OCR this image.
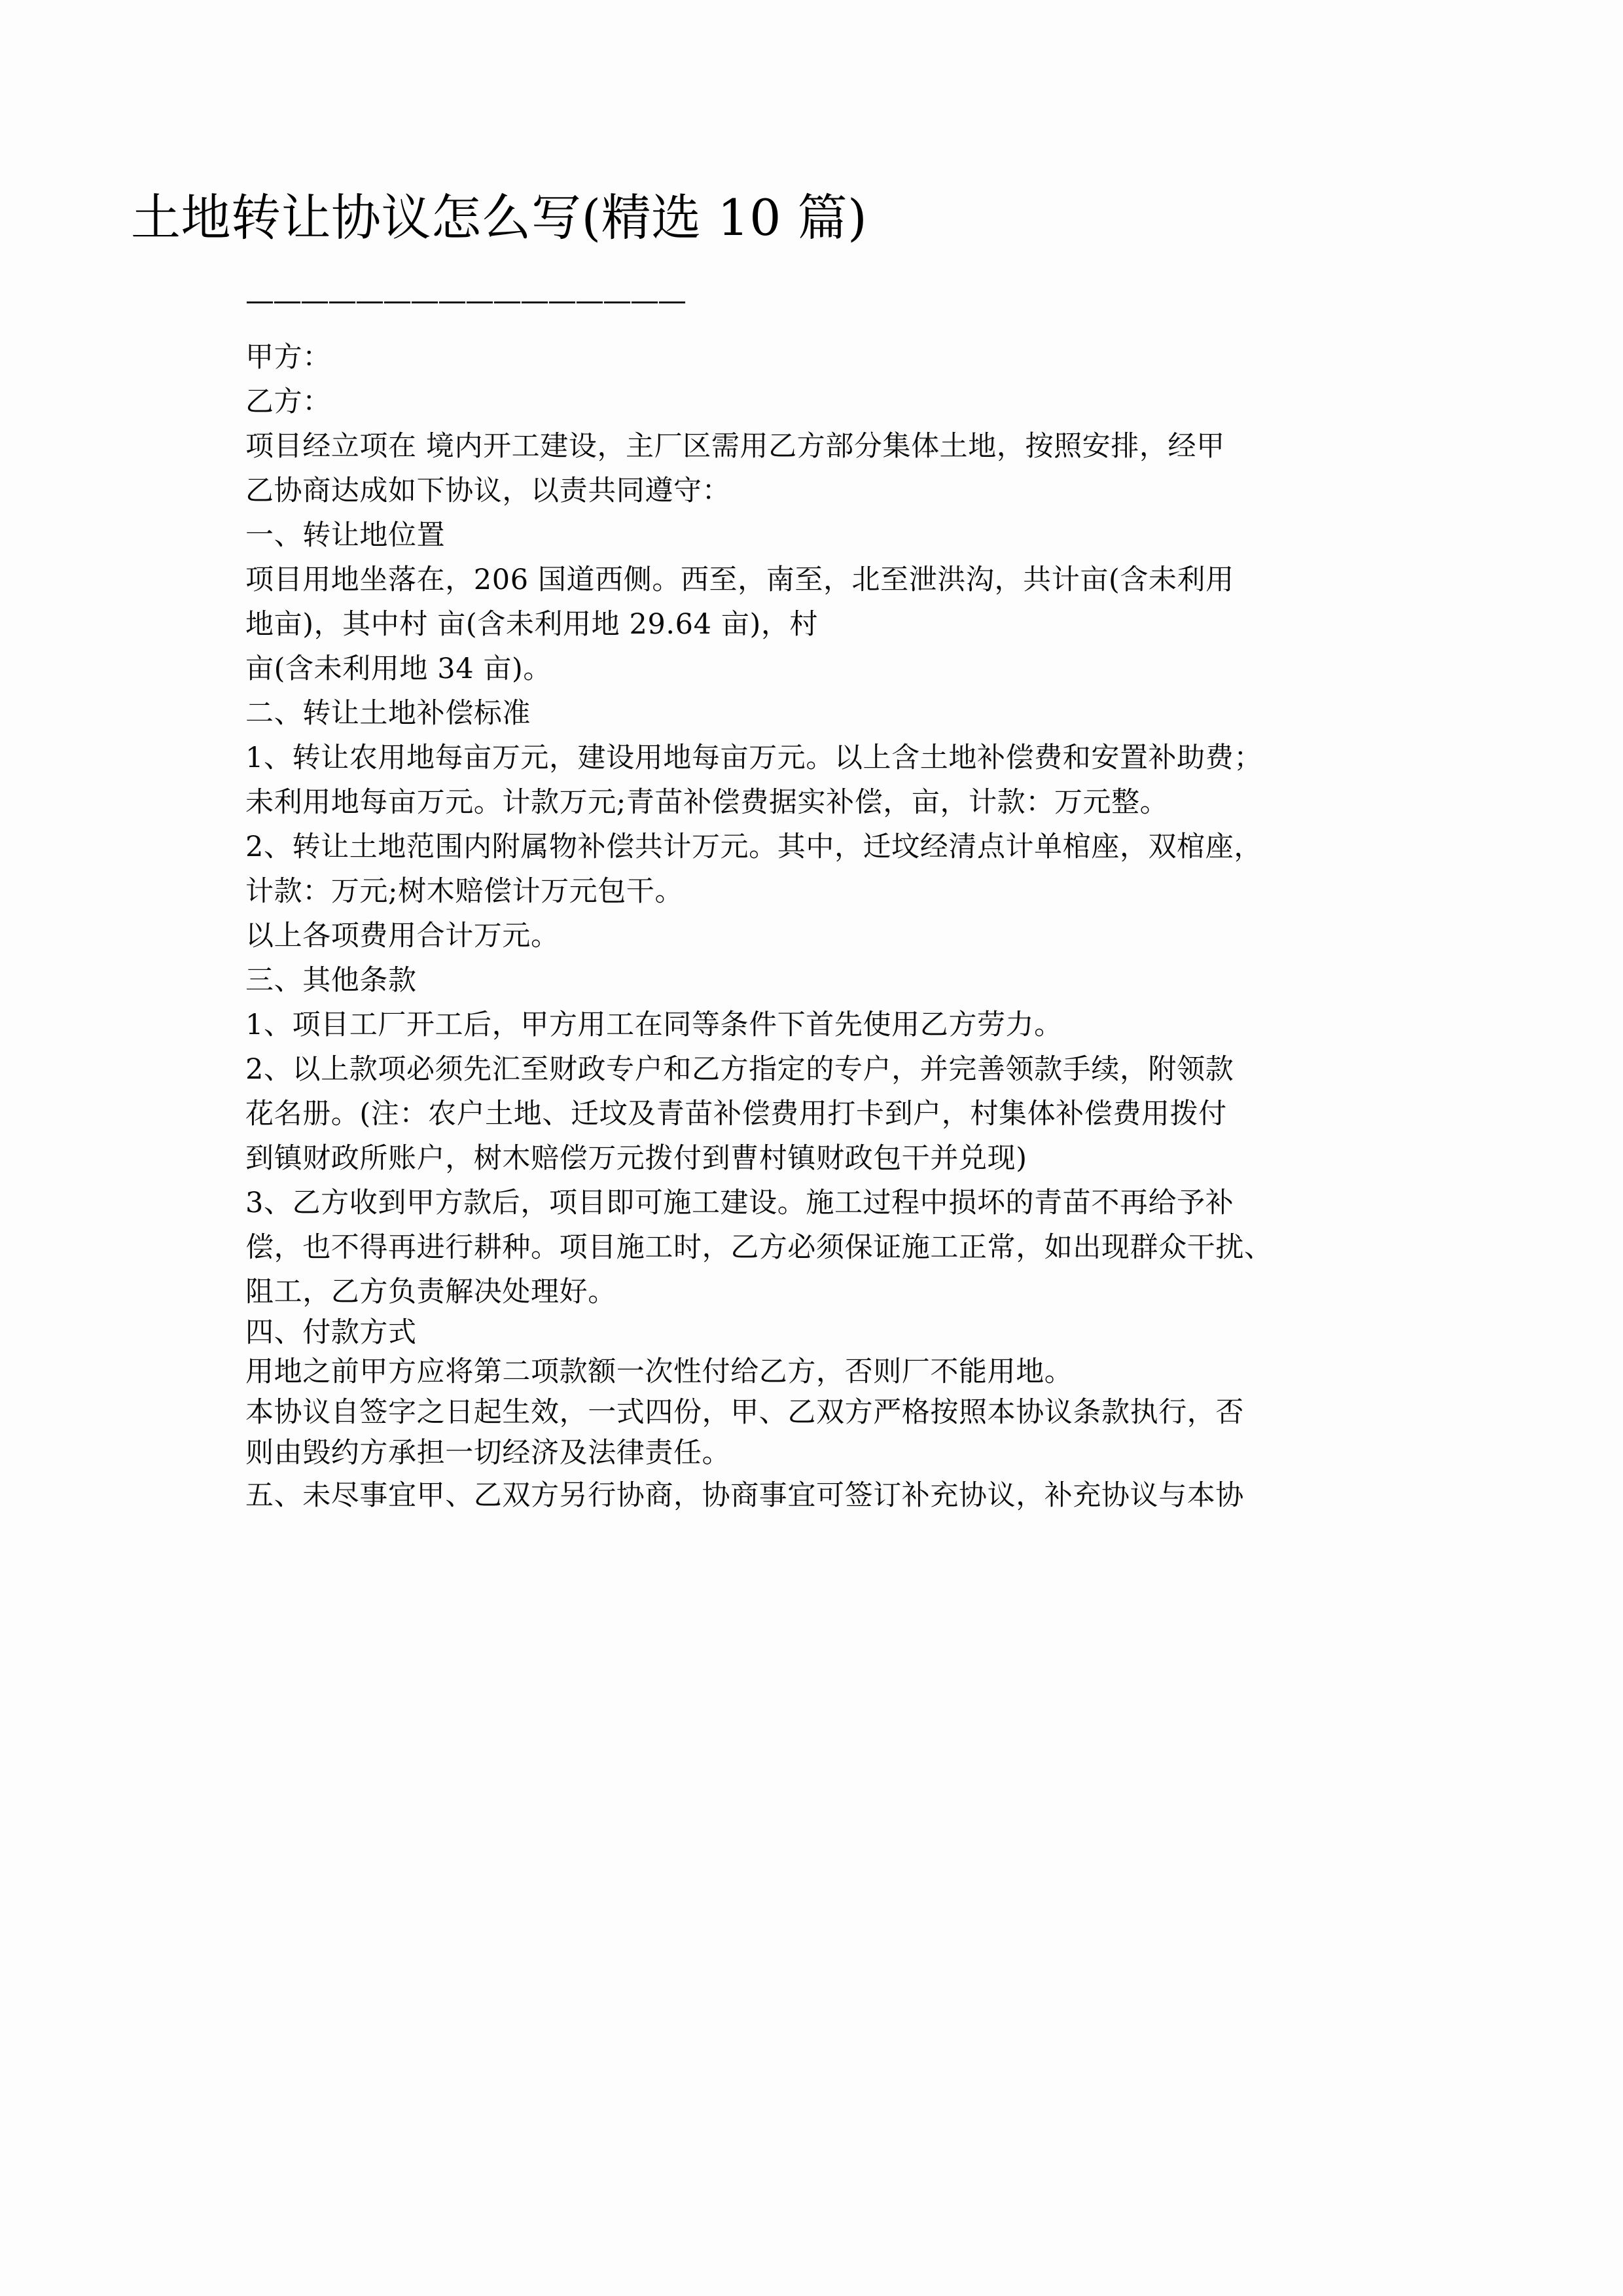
土地转让协议怎么写(精选 10 篇)
————————————————
甲方：
乙方：
项目经立项在 境内开工建设，主厂区需用乙方部分集体土地，按照安排，经甲
乙协商达成如下协议，以责共同遵守：
一、转让地位置
项目用地坐落在，206 国道西侧。西至，南至，北至泄洪沟，共计亩(含未利用
地亩)，其中村 亩(含未利用地 29.64 亩)，村
亩(含未利用地 34 亩)。
二、转让土地补偿标准
1、转让农用地每亩万元，建设用地每亩万元。以上含土地补偿费和安置补助费；
未利用地每亩万元。计款万元;青苗补偿费据实补偿，亩，计款：万元整。
2、转让土地范围内附属物补偿共计万元。其中，迁坟经清点计单棺座，双棺座，
计款：万元;树木赔偿计万元包干。
以上各项费用合计万元。
三、其他条款
1、项目工厂开工后，甲方用工在同等条件下首先使用乙方劳力。
2、以上款项必须先汇至财政专户和乙方指定的专户，并完善领款手续，附领款
花名册。(注：农户土地、迁坟及青苗补偿费用打卡到户，村集体补偿费用拨付
到镇财政所账户，树木赔偿万元拨付到曹村镇财政包干并兑现)
3、乙方收到甲方款后，项目即可施工建设。施工过程中损坏的青苗不再给予补
偿，也不得再进行耕种。项目施工时，乙方必须保证施工正常，如出现群众干扰、
阻工，乙方负责解决处理好。
四、付款方式
用地之前甲方应将第二项款额一次性付给乙方，否则厂不能用地。
本协议自签字之日起生效，一式四份，甲、乙双方严格按照本协议条款执行，否
则由毁约方承担一切经济及法律责任。
五、未尽事宜甲、乙双方另行协商，协商事宜可签订补充协议，补充协议与本协
